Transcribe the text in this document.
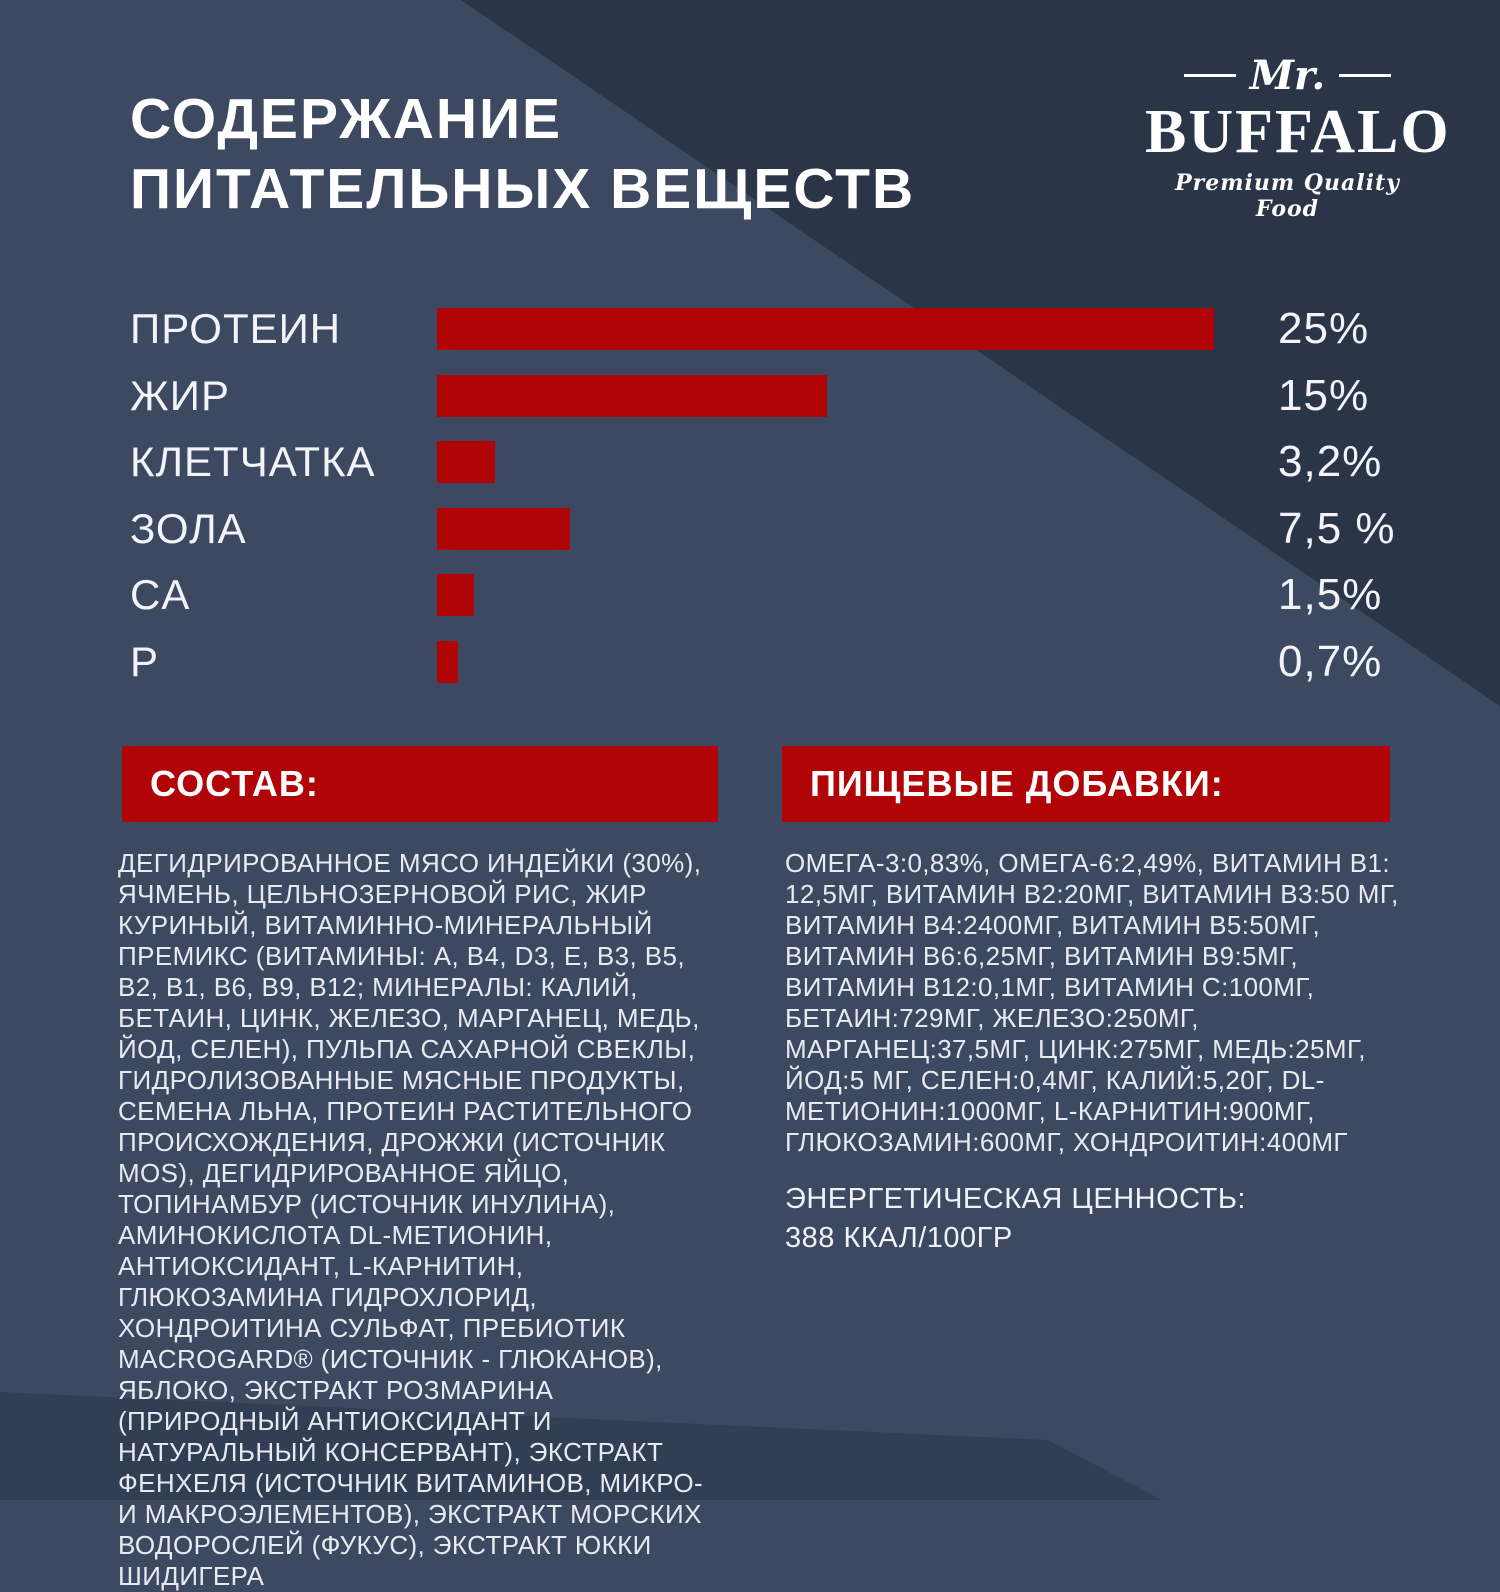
СОДЕРЖАНИЕ
ПИТАТЕЛЬНЫХ ВЕЩЕСТВ
Mr.
BUFFALO
Premium Quality Food
ПРОТЕИН	25%
ЖИР	15%
КЛЕТЧАТКА	3,2%
ЗОЛА	7,5 %
CA	1,5%
P	0,7%
СОСТАВ:	ПИЩЕВЫЕ ДОБАВКИ:
ДЕГИДРИРОВАННОЕ МЯСО ИНДЕЙКИ (30%), ЯЧМЕНЬ, ЦЕЛЬНОЗЕРНОВОЙ РИС, ЖИР КУРИНЫЙ, ВИТАМИННО-МИНЕРАЛЬНЫЙ ПРЕМИКС (ВИТАМИНЫ: А, В4, D3, Е, В3, В5, В2, В1, В6, В9, В12; МИНЕРАЛЫ: КАЛИЙ, БЕТАИН, ЦИНК, ЖЕЛЕЗО, МАРГАНЕЦ, МЕДЬ, ЙОД, СЕЛЕН), ПУЛЬПА САХАРНОЙ СВЕКЛЫ, ГИДРОЛИЗОВАННЫЕ МЯСНЫЕ ПРОДУКТЫ, СЕМЕНА ЛЬНА, ПРОТЕИН РАСТИТЕЛЬНОГО ПРОИСХОЖДЕНИЯ, ДРОЖЖИ (ИСТОЧНИК MOS), ДЕГИДРИРОВАННОЕ ЯЙЦО, ТОПИНАМБУР (ИСТОЧНИК ИНУЛИНА), АМИНОКИСЛОТА DL-МЕТИОНИН, АНТИОКСИДАНТ, L-КАРНИТИН, ГЛЮКОЗАМИНА ГИДРОХЛОРИД, ХОНДРОИТИНА СУЛЬФАТ, ПРЕБИОТИК MACROGARD® (ИСТОЧНИК - ГЛЮКАНОВ), ЯБЛОКО, ЭКСТРАКТ РОЗМАРИНА (ПРИРОДНЫЙ АНТИОКСИДАНТ И НАТУРАЛЬНЫЙ КОНСЕРВАНТ), ЭКСТРАКТ ФЕНХЕЛЯ (ИСТОЧНИК ВИТАМИНОВ, МИКРО- И МАКРОЭЛЕМЕНТОВ), ЭКСТРАКТ МОРСКИХ ВОДОРОСЛЕЙ (ФУКУС), ЭКСТРАКТ ЮККИ ШИДИГЕРА
ОМЕГА-3:0,83%, ОМЕГА-6:2,49%, ВИТАМИН В1: 12,5МГ, ВИТАМИН В2:20МГ, ВИТАМИН В3:50 МГ, ВИТАМИН В4:2400МГ, ВИТАМИН В5:50МГ, ВИТАМИН В6:6,25МГ, ВИТАМИН В9:5МГ, ВИТАМИН В12:0,1МГ, ВИТАМИН С:100МГ, БЕТАИН:729МГ, ЖЕЛЕЗО:250МГ, МАРГАНЕЦ:37,5МГ, ЦИНК:275МГ, МЕДЬ:25МГ, ЙОД:5 МГ, СЕЛЕН:0,4МГ, КАЛИЙ:5,20Г, DL-МЕТИОНИН:1000МГ, L-КАРНИТИН:900МГ, ГЛЮКОЗАМИН:600МГ, ХОНДРОИТИН:400МГ
ЭНЕРГЕТИЧЕСКАЯ ЦЕННОСТЬ:
388 ККАЛ/100ГР
